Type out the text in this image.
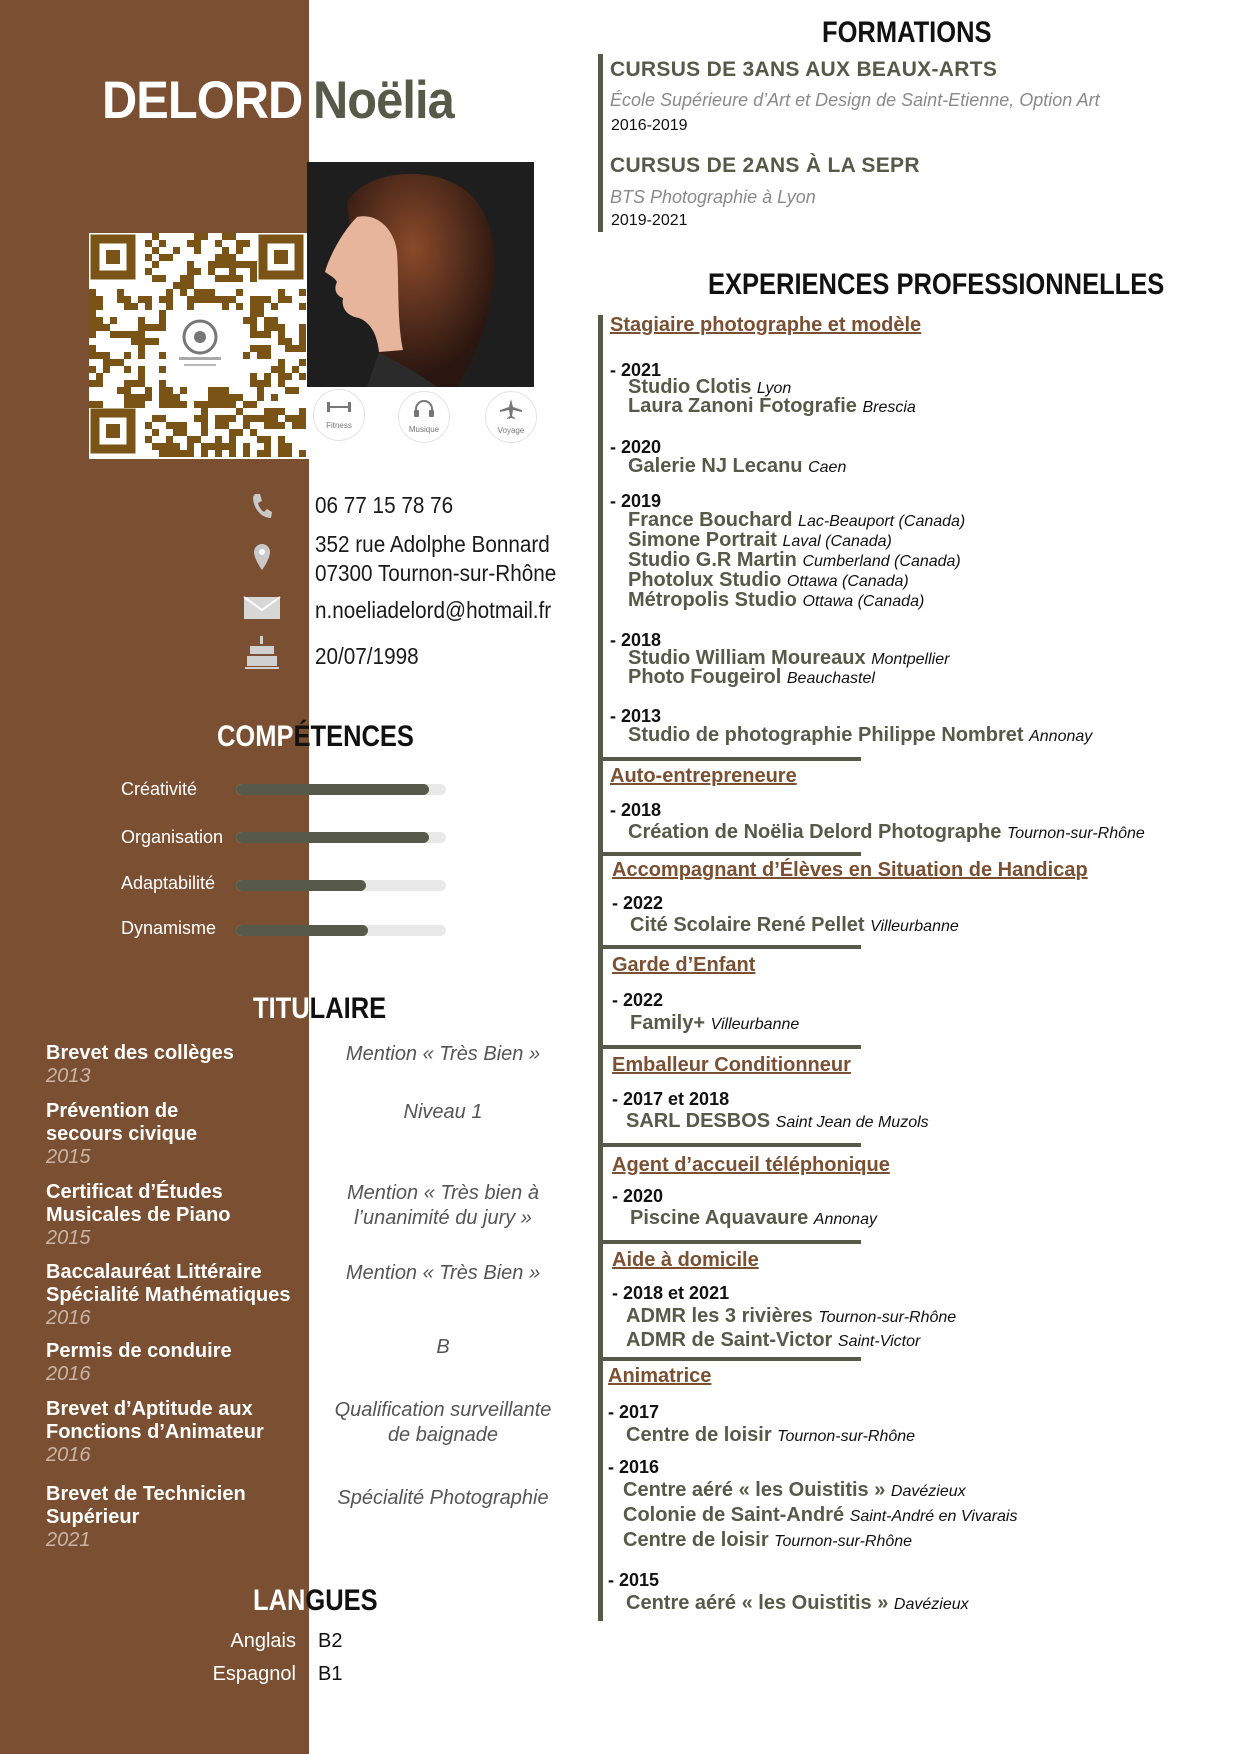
DELORD Noëlia
Fitness	Musique	Voyage
06 77 15 78 76
352 rue Adolphe Bonnard
07300 Tournon-sur-Rhône
n.noeliadelord@hotmail.fr
20/07/1998
COMPÉTENCES
Créativité
Organisation
Adaptabilité
Dynamisme
TITULAIRE
Brevet des collèges
2013
Mention « Très Bien »
Prévention de
secours civique
2015
Niveau 1
Certificat d’Études
Musicales de Piano
2015
Mention « Très bien à
l’unanimité du jury »
Baccalauréat Littéraire
Spécialité Mathématiques
2016
Mention « Très Bien »
Permis de conduire
2016
B
Brevet d’Aptitude aux
Fonctions d’Animateur
2016
Qualification surveillante
de baignade
Brevet de Technicien
Supérieur
2021
Spécialité Photographie
LANGUES
Anglais B2
Espagnol B1
FORMATIONS
CURSUS DE 3ANS AUX BEAUX-ARTS
École Supérieure d’Art et Design de Saint-Etienne, Option Art
2016-2019
CURSUS DE 2ANS À LA SEPR
BTS Photographie à Lyon
2019-2021
EXPERIENCES PROFESSIONNELLES
Stagiaire photographe et modèle
- 2021
Studio Clotis Lyon
Laura Zanoni Fotografie Brescia
- 2020
Galerie NJ Lecanu Caen
- 2019
France Bouchard Lac-Beauport (Canada)
Simone Portrait Laval (Canada)
Studio G.R Martin Cumberland (Canada)
Photolux Studio Ottawa (Canada)
Métropolis Studio Ottawa (Canada)
- 2018
Studio William Moureaux Montpellier
Photo Fougeirol Beauchastel
- 2013
Studio de photographie Philippe Nombret Annonay
Auto-entrepreneure
- 2018
Création de Noëlia Delord Photographe Tournon-sur-Rhône
Accompagnant d’Élèves en Situation de Handicap
- 2022
Cité Scolaire René Pellet Villeurbanne
Garde d’Enfant
- 2022
Family+ Villeurbanne
Emballeur Conditionneur
- 2017 et 2018
SARL DESBOS Saint Jean de Muzols
Agent d’accueil téléphonique
- 2020
Piscine Aquavaure Annonay
Aide à domicile
- 2018 et 2021
ADMR les 3 rivières Tournon-sur-Rhône
ADMR de Saint-Victor Saint-Victor
Animatrice
- 2017
Centre de loisir Tournon-sur-Rhône
- 2016
Centre aéré « les Ouistitis » Davézieux
Colonie de Saint-André Saint-André en Vivarais
Centre de loisir Tournon-sur-Rhône
- 2015
Centre aéré « les Ouistitis » Davézieux
